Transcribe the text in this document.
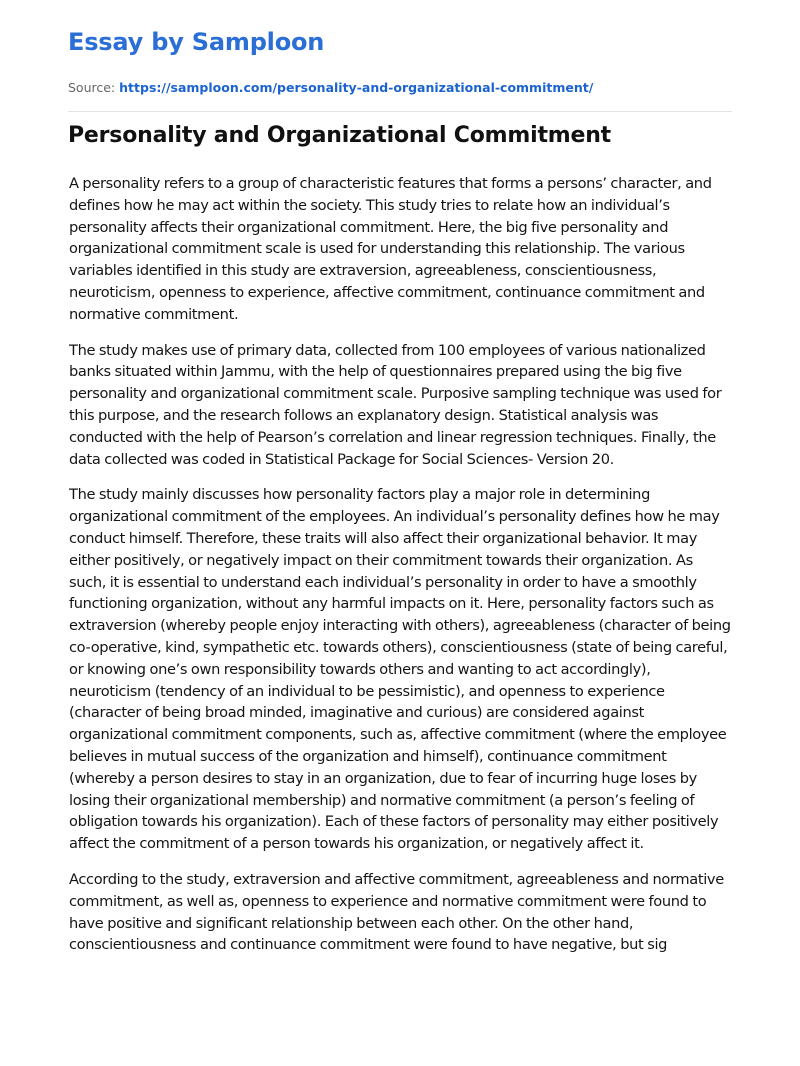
Essay by Samploon
Source: https://samploon.com/personality-and-organizational-commitment/
Personality and Organizational Commitment

A personality refers to a group of characteristic features that forms a persons’ character, and defines how he may act within the society. This study tries to relate how an individual’s personality affects their organizational commitment. Here, the big five personality and organizational commitment scale is used for understanding this relationship. The various variables identified in this study are extraversion, agreeableness, conscientiousness, neuroticism, openness to experience, affective commitment, continuance commitment and normative commitment.

The study makes use of primary data, collected from 100 employees of various nationalized banks situated within Jammu, with the help of questionnaires prepared using the big five personality and organizational commitment scale. Purposive sampling technique was used for this purpose, and the research follows an explanatory design. Statistical analysis was conducted with the help of Pearson’s correlation and linear regression techniques. Finally, the data collected was coded in Statistical Package for Social Sciences- Version 20.

The study mainly discusses how personality factors play a major role in determining organizational commitment of the employees. An individual’s personality defines how he may conduct himself. Therefore, these traits will also affect their organizational behavior. It may either positively, or negatively impact on their commitment towards their organization. As such, it is essential to understand each individual’s personality in order to have a smoothly functioning organization, without any harmful impacts on it. Here, personality factors such as extraversion (whereby people enjoy interacting with others), agreeableness (character of being co-operative, kind, sympathetic etc. towards others), conscientiousness (state of being careful, or knowing one’s own responsibility towards others and wanting to act accordingly), neuroticism (tendency of an individual to be pessimistic), and openness to experience (character of being broad minded, imaginative and curious) are considered against organizational commitment components, such as, affective commitment (where the employee believes in mutual success of the organization and himself), continuance commitment (whereby a person desires to stay in an organization, due to fear of incurring huge loses by losing their organizational membership) and normative commitment (a person’s feeling of obligation towards his organization). Each of these factors of personality may either positively affect the commitment of a person towards his organization, or negatively affect it.

According to the study, extraversion and affective commitment, agreeableness and normative commitment, as well as, openness to experience and normative commitment were found to have positive and significant relationship between each other. On the other hand, conscientiousness and continuance commitment were found to have negative, but sig
